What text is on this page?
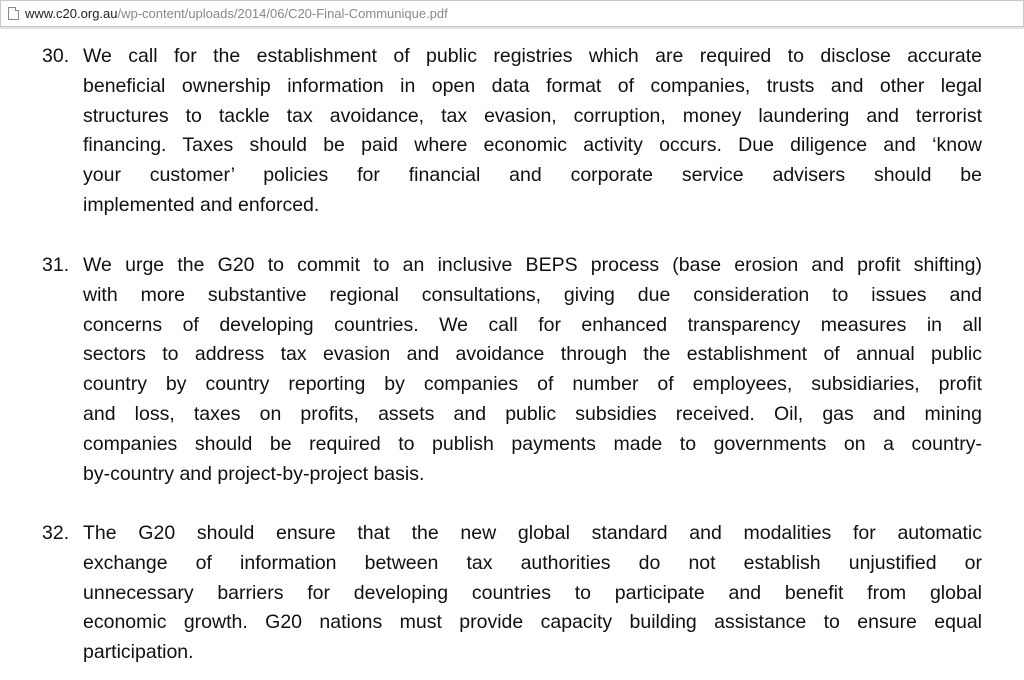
www.c20.org.au /wp-content/uploads/2014/06/C20-Final-Communique.pdf
30. We call for the establishment of public registries which are required to disclose accurate
beneficial ownership information in open data format of companies, trusts and other legal
structures to tackle tax avoidance, tax evasion, corruption, money laundering and terrorist
financing. Taxes should be paid where economic activity occurs. Due diligence and ‘know
your customer’ policies for financial and corporate service advisers should be
implemented and enforced.
31. We urge the G20 to commit to an inclusive BEPS process (base erosion and profit shifting)
with more substantive regional consultations, giving due consideration to issues and
concerns of developing countries. We call for enhanced transparency measures in all
sectors to address tax evasion and avoidance through the establishment of annual public
country by country reporting by companies of number of employees, subsidiaries, profit
and loss, taxes on profits, assets and public subsidies received. Oil, gas and mining
companies should be required to publish payments made to governments on a country-
by-country and project-by-project basis.
32. The G20 should ensure that the new global standard and modalities for automatic
exchange of information between tax authorities do not establish unjustified or
unnecessary barriers for developing countries to participate and benefit from global
economic growth. G20 nations must provide capacity building assistance to ensure equal
participation.
